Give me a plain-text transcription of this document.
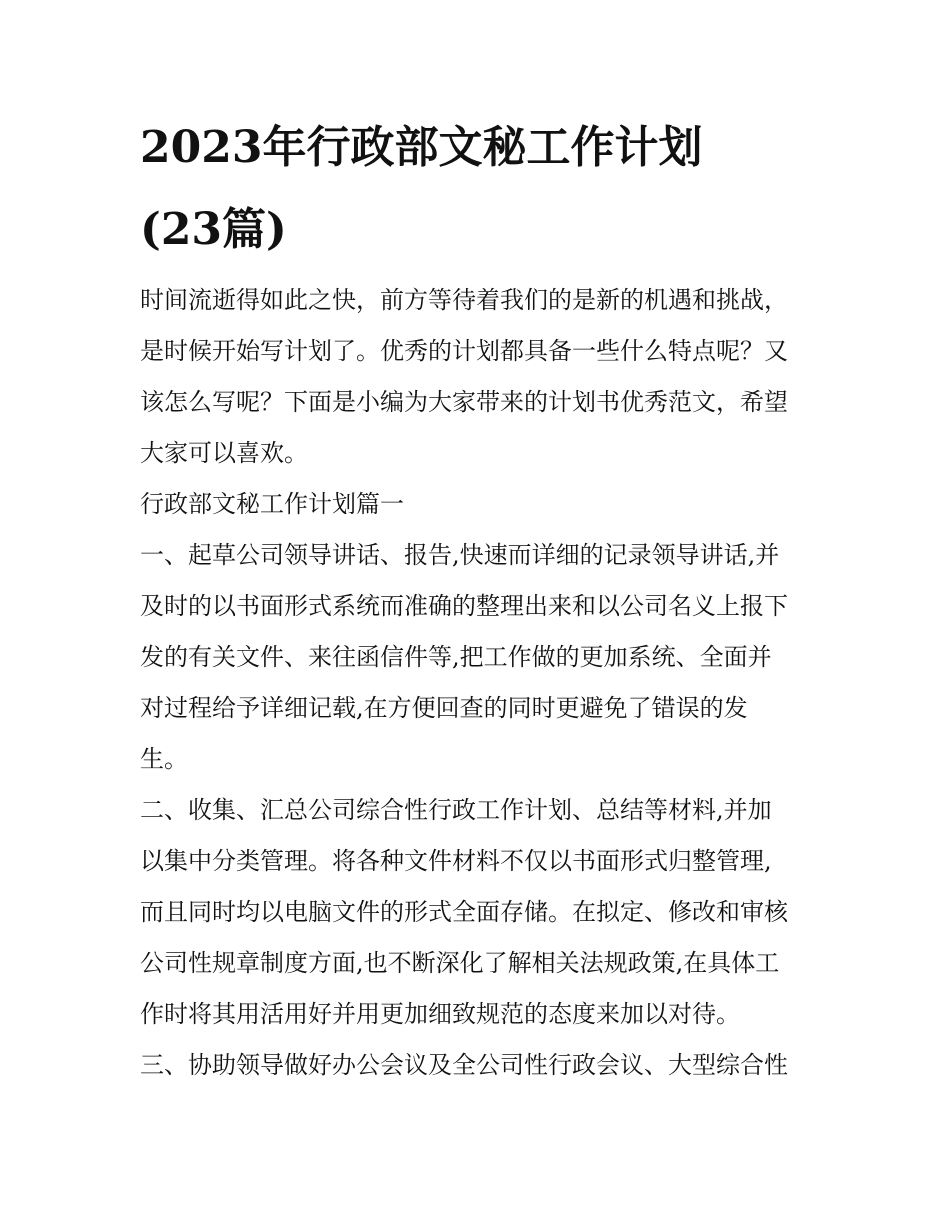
2023年行政部文秘工作计划
(23篇)

时间流逝得如此之快，前方等待着我们的是新的机遇和挑战，

是时候开始写计划了。优秀的计划都具备一些什么特点呢？又

该怎么写呢？下面是小编为大家带来的计划书优秀范文，希望

大家可以喜欢。

行政部文秘工作计划篇一

一、起草公司领导讲话、报告,快速而详细的记录领导讲话,并

及时的以书面形式系统而准确的整理出来和以公司名义上报下

发的有关文件、来往函信件等,把工作做的更加系统、全面并

对过程给予详细记载,在方便回查的同时更避免了错误的发

生。

二、收集、汇总公司综合性行政工作计划、总结等材料,并加

以集中分类管理。将各种文件材料不仅以书面形式归整管理,

而且同时均以电脑文件的形式全面存储。在拟定、修改和审核

公司性规章制度方面,也不断深化了解相关法规政策,在具体工

作时将其用活用好并用更加细致规范的态度来加以对待。

三、协助领导做好办公会议及全公司性行政会议、大型综合性
